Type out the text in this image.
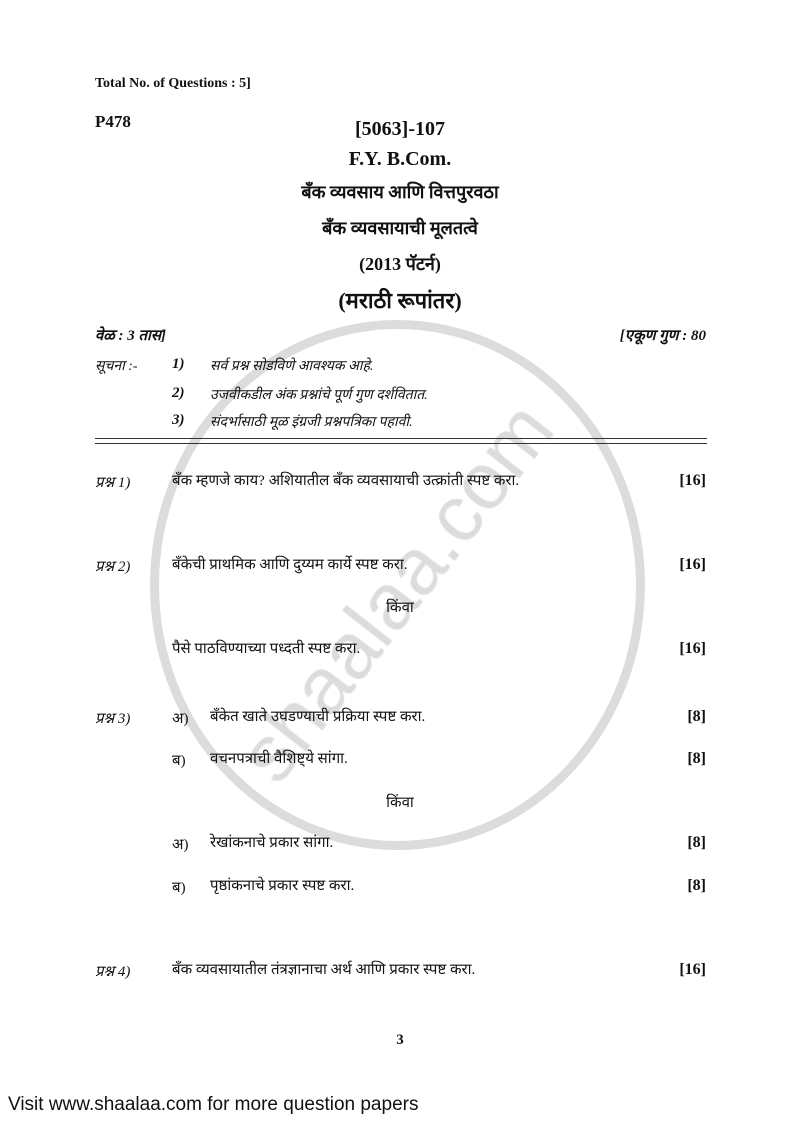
Total No. of Questions : 5]
P478	[5063]-107
F.Y. B.Com.
बँक व्यवसाय आणि वित्तपुरवठा
बँक व्यवसायाची मूलतत्वे
(2013 पॅटर्न)
(मराठी रूपांतर)
वेळ : 3 तास]	[एकूण गुण : 80
सूचना :- 1) सर्व प्रश्न सोडविणे आवश्यक आहे.
2) उजवीकडील अंक प्रश्नांचे पूर्ण गुण दर्शवितात.
3) संदर्भासाठी मूळ इंग्रजी प्रश्नपत्रिका पहावी.
प्रश्न 1)	बँक म्हणजे काय? अशियातील बँक व्यवसायाची उत्क्रांती स्पष्ट करा.	[16]
प्रश्न 2)	बँकेची प्राथमिक आणि दुय्यम कार्ये स्पष्ट करा.	[16]
किंवा
पैसे पाठविण्याच्या पध्दती स्पष्ट करा.	[16]
प्रश्न 3)	अ) बँकेत खाते उघडण्याची प्रक्रिया स्पष्ट करा.	[8]
ब) वचनपत्राची वैशिष्ट्ये सांगा.	[8]
किंवा
अ) रेखांकनाचे प्रकार सांगा.	[8]
ब) पृष्ठांकनाचे प्रकार स्पष्ट करा.	[8]
प्रश्न 4)	बँक व्यवसायातील तंत्रज्ञानाचा अर्थ आणि प्रकार स्पष्ट करा.	[16]
3
Visit www.shaalaa.com for more question papers
